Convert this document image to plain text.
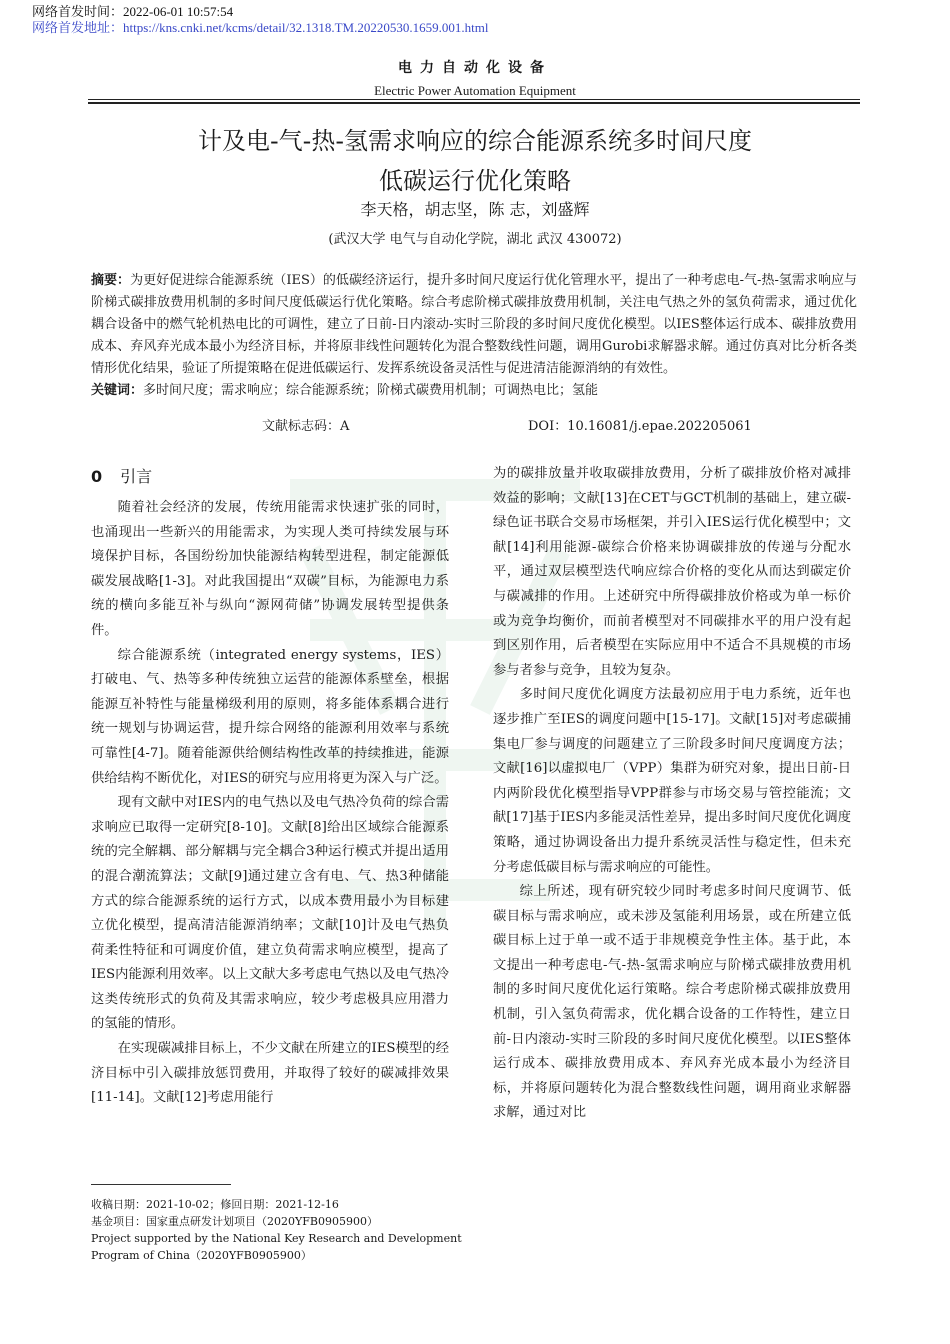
网络首发时间：2022-06-01 10:57:54
网络首发地址：https://kns.cnki.net/kcms/detail/32.1318.TM.20220530.1659.001.html
电力自动化设备
Electric Power Automation Equipment
计及电-气-热-氢需求响应的综合能源系统多时间尺度
低碳运行优化策略
李天格，胡志坚，陈 志，刘盛辉
(武汉大学 电气与自动化学院，湖北 武汉 430072)
摘要：为更好促进综合能源系统（IES）的低碳经济运行，提升多时间尺度运行优化管理水平，提出了一种考虑电-气-热-氢需求响应与阶梯式碳排放费用机制的多时间尺度低碳运行优化策略。综合考虑阶梯式碳排放费用机制，关注电气热之外的氢负荷需求，通过优化耦合设备中的燃气轮机热电比的可调性，建立了日前-日内滚动-实时三阶段的多时间尺度优化模型。以IES整体运行成本、碳排放费用成本、弃风弃光成本最小为经济目标，并将原非线性问题转化为混合整数线性问题，调用Gurobi求解器求解。通过仿真对比分析各类情形优化结果，验证了所提策略在促进低碳运行、发挥系统设备灵活性与促进清洁能源消纳的有效性。
关键词：多时间尺度；需求响应；综合能源系统；阶梯式碳费用机制；可调热电比；氢能
文献标志码：A	DOI：10.16081/j.epae.202205061
0 引言

随着社会经济的发展，传统用能需求快速扩张的同时，也涌现出一些新兴的用能需求，为实现人类可持续发展与环境保护目标，各国纷纷加快能源结构转型进程，制定能源低碳发展战略[1-3]。对此我国提出“双碳”目标，为能源电力系统的横向多能互补与纵向“源网荷储”协调发展转型提供条件。

综合能源系统（integrated energy systems，IES）打破电、气、热等多种传统独立运营的能源体系壁垒，根据能源互补特性与能量梯级利用的原则，将多能体系耦合进行统一规划与协调运营，提升综合网络的能源利用效率与系统可靠性[4-7]。随着能源供给侧结构性改革的持续推进，能源供给结构不断优化，对IES的研究与应用将更为深入与广泛。

现有文献中对IES内的电气热以及电气热冷负荷的综合需求响应已取得一定研究[8-10]。文献[8]给出区域综合能源系统的完全解耦、部分解耦与完全耦合3种运行模式并提出适用的混合潮流算法；文献[9]通过建立含有电、气、热3种储能方式的综合能源系统的运行方式，以成本费用最小为目标建立优化模型，提高清洁能源消纳率；文献[10]计及电气热负荷柔性特征和可调度价值，建立负荷需求响应模型，提高了IES内能源利用效率。以上文献大多考虑电气热以及电气热冷这类传统形式的负荷及其需求响应，较少考虑极具应用潜力的氢能的情形。

在实现碳减排目标上，不少文献在所建立的IES模型的经济目标中引入碳排放惩罚费用，并取得了较好的碳减排效果[11-14]。文献[12]考虑用能行

为的碳排放量并收取碳排放费用，分析了碳排放价格对减排效益的影响；文献[13]在CET与GCT机制的基础上，建立碳-绿色证书联合交易市场框架，并引入IES运行优化模型中；文献[14]利用能源-碳综合价格来协调碳排放的传递与分配水平，通过双层模型迭代响应综合价格的变化从而达到碳定价与碳减排的作用。上述研究中所得碳排放价格或为单一标价或为竞争均衡价，而前者模型对不同碳排水平的用户没有起到区别作用，后者模型在实际应用中不适合不具规模的市场参与者参与竞争，且较为复杂。

多时间尺度优化调度方法最初应用于电力系统，近年也逐步推广至IES的调度问题中[15-17]。文献[15]对考虑碳捕集电厂参与调度的问题建立了三阶段多时间尺度调度方法；文献[16]以虚拟电厂（VPP）集群为研究对象，提出日前-日内两阶段优化模型指导VPP群参与市场交易与管控能流；文献[17]基于IES内多能灵活性差异，提出多时间尺度优化调度策略，通过协调设备出力提升系统灵活性与稳定性，但未充分考虑低碳目标与需求响应的可能性。

综上所述，现有研究较少同时考虑多时间尺度调节、低碳目标与需求响应，或未涉及氢能利用场景，或在所建立低碳目标上过于单一或不适于非规模竞争性主体。基于此，本文提出一种考虑电-气-热-氢需求响应与阶梯式碳排放费用机制的多时间尺度优化运行策略。综合考虑阶梯式碳排放费用机制，引入氢负荷需求，优化耦合设备的工作特性，建立日前-日内滚动-实时三阶段的多时间尺度优化模型。以IES整体运行成本、碳排放费用成本、弃风弃光成本最小为经济目标，并将原问题转化为混合整数线性问题，调用商业求解器求解，通过对比

收稿日期：2021-10-02；修回日期：2021-12-16
基金项目：国家重点研发计划项目（2020YFB0905900）
Project supported by the National Key Research and Development Program of China（2020YFB0905900）
